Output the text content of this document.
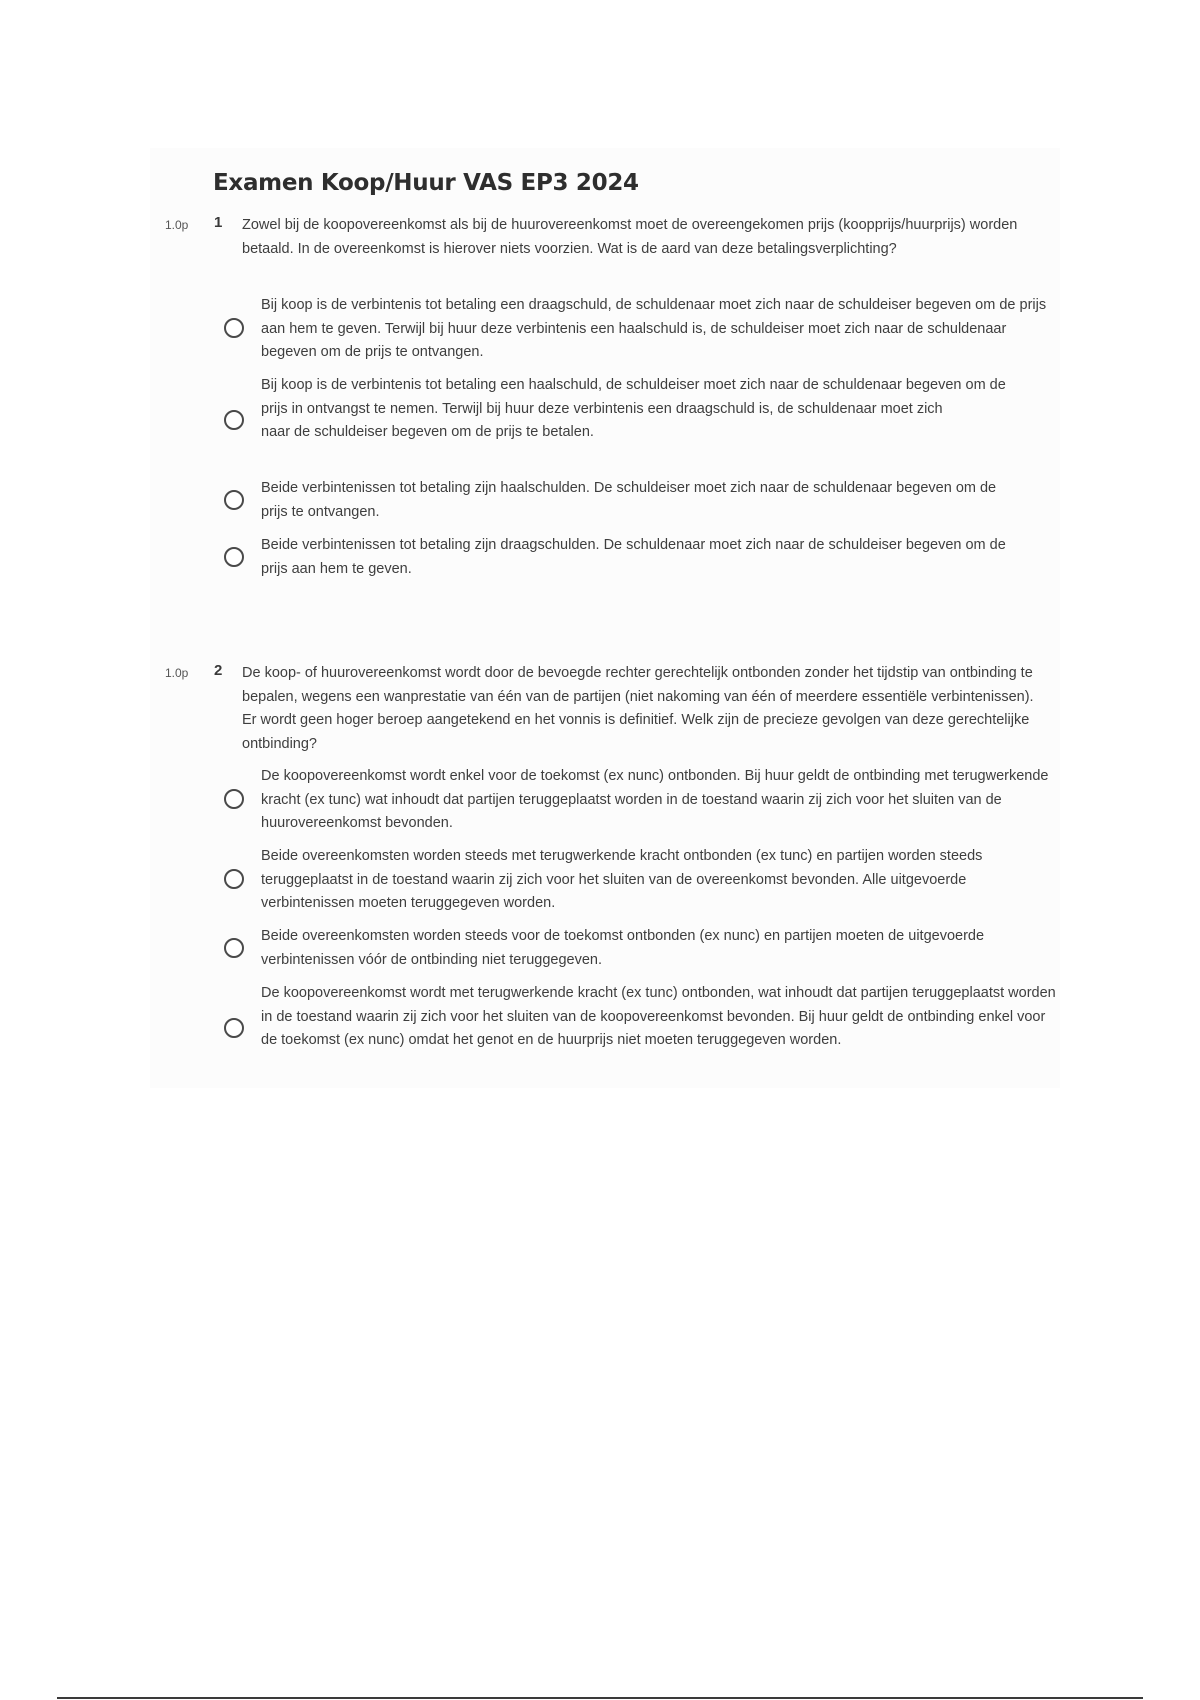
Examen Koop/Huur VAS EP3 2024
1.0p 1 Zowel bij de koopovereenkomst als bij de huurovereenkomst moet de overeengekomen prijs (koopprijs/huurprijs) worden betaald. In de overeenkomst is hierover niets voorzien. Wat is de aard van deze betalingsverplichting?

Bij koop is de verbintenis tot betaling een draagschuld, de schuldenaar moet zich naar de schuldeiser begeven om de prijs aan hem te geven. Terwijl bij huur deze verbintenis een haalschuld is, de schuldeiser moet zich naar de schuldenaar begeven om de prijs te ontvangen.

Bij koop is de verbintenis tot betaling een haalschuld, de schuldeiser moet zich naar de schuldenaar begeven om de prijs in ontvangst te nemen. Terwijl bij huur deze verbintenis een draagschuld is, de schuldenaar moet zich
naar de schuldeiser begeven om de prijs te betalen.

Beide verbintenissen tot betaling zijn haalschulden. De schuldeiser moet zich naar de schuldenaar begeven om de prijs te ontvangen.

Beide verbintenissen tot betaling zijn draagschulden. De schuldenaar moet zich naar de schuldeiser begeven om de prijs aan hem te geven.

1.0p 2 De koop- of huurovereenkomst wordt door de bevoegde rechter gerechtelijk ontbonden zonder het tijdstip van ontbinding te bepalen, wegens een wanprestatie van één van de partijen (niet nakoming van één of meerdere essentiële verbintenissen). Er wordt geen hoger beroep aangetekend en het vonnis is definitief. Welk zijn de precieze gevolgen van deze gerechtelijke ontbinding?

De koopovereenkomst wordt enkel voor de toekomst (ex nunc) ontbonden. Bij huur geldt de ontbinding met terugwerkende kracht (ex tunc) wat inhoudt dat partijen teruggeplaatst worden in de toestand waarin zij zich voor het sluiten van de huurovereenkomst bevonden.

Beide overeenkomsten worden steeds met terugwerkende kracht ontbonden (ex tunc) en partijen worden steeds teruggeplaatst in de toestand waarin zij zich voor het sluiten van de overeenkomst bevonden. Alle uitgevoerde verbintenissen moeten teruggegeven worden.

Beide overeenkomsten worden steeds voor de toekomst ontbonden (ex nunc) en partijen moeten de uitgevoerde verbintenissen vóór de ontbinding niet teruggegeven.

De koopovereenkomst wordt met terugwerkende kracht (ex tunc) ontbonden, wat inhoudt dat partijen teruggeplaatst worden in de toestand waarin zij zich voor het sluiten van de koopovereenkomst bevonden. Bij huur geldt de ontbinding enkel voor de toekomst (ex nunc) omdat het genot en de huurprijs niet moeten teruggegeven worden.
